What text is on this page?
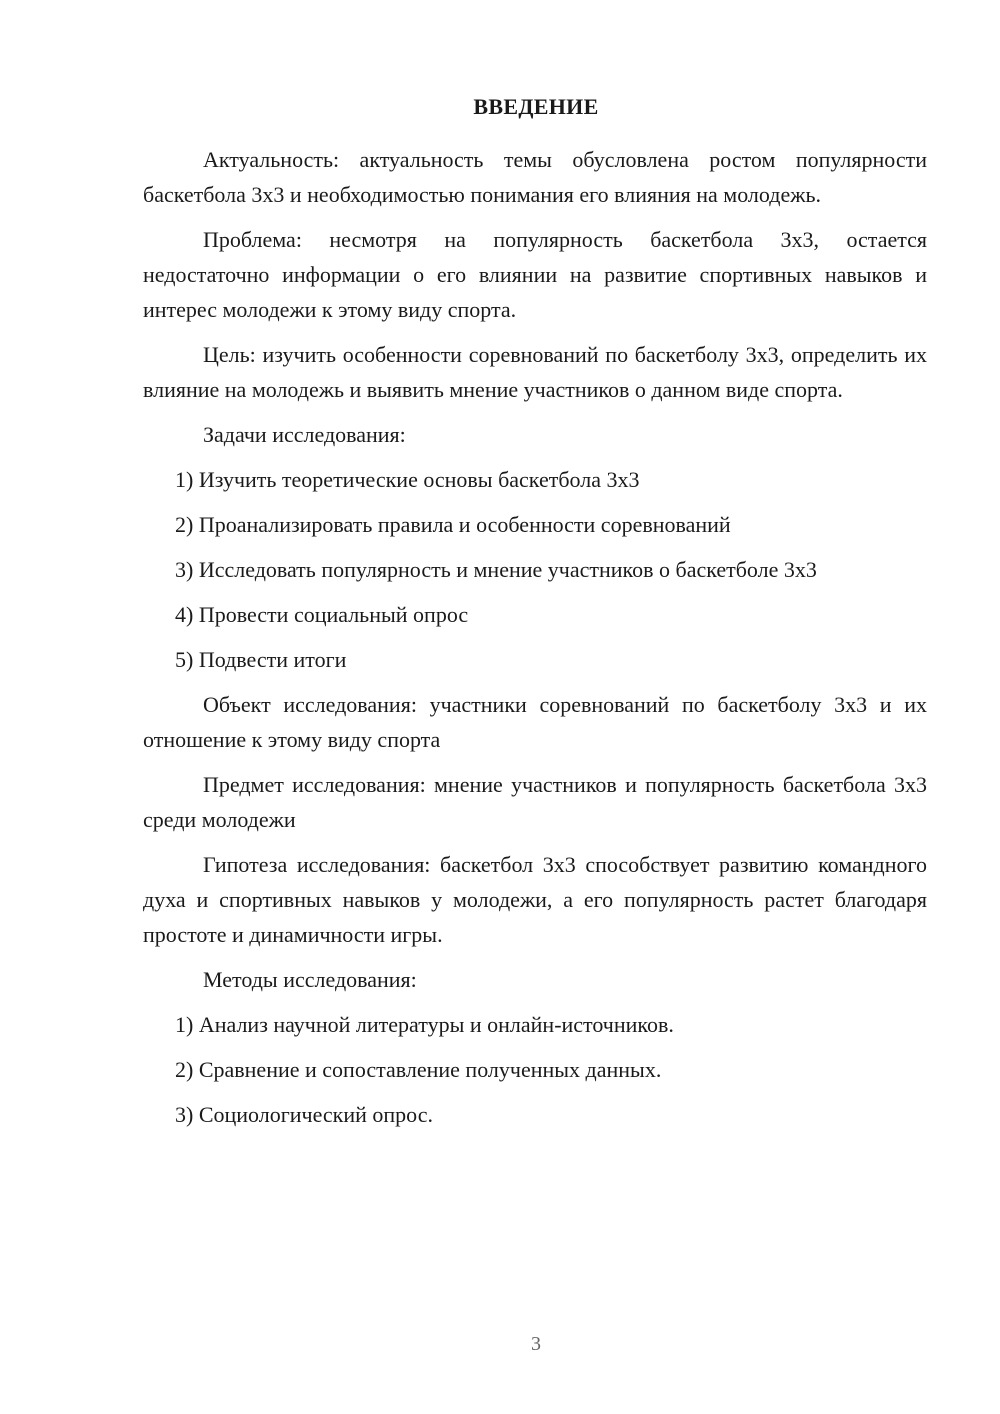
ВВЕДЕНИЕ

Актуальность: актуальность темы обусловлена ростом популярности баскетбола 3x3 и необходимостью понимания его влияния на молодежь.

Проблема: несмотря на популярность баскетбола 3x3, остается недостаточно информации о его влиянии на развитие спортивных навыков и интерес молодежи к этому виду спорта.

Цель: изучить особенности соревнований по баскетболу 3x3, определить их влияние на молодежь и выявить мнение участников о данном виде спорта.

Задачи исследования:

1) Изучить теоретические основы баскетбола 3x3
2) Проанализировать правила и особенности соревнований
3) Исследовать популярность и мнение участников о баскетболе 3x3
4) Провести социальный опрос
5) Подвести итоги

Объект исследования: участники соревнований по баскетболу 3x3 и их отношение к этому виду спорта

Предмет исследования: мнение участников и популярность баскетбола 3x3 среди молодежи

Гипотеза исследования: баскетбол 3x3 способствует развитию командного духа и спортивных навыков у молодежи, а его популярность растет благодаря простоте и динамичности игры.

Методы исследования:

1) Анализ научной литературы и онлайн-источников.
2) Сравнение и сопоставление полученных данных.
3) Социологический опрос.
3
